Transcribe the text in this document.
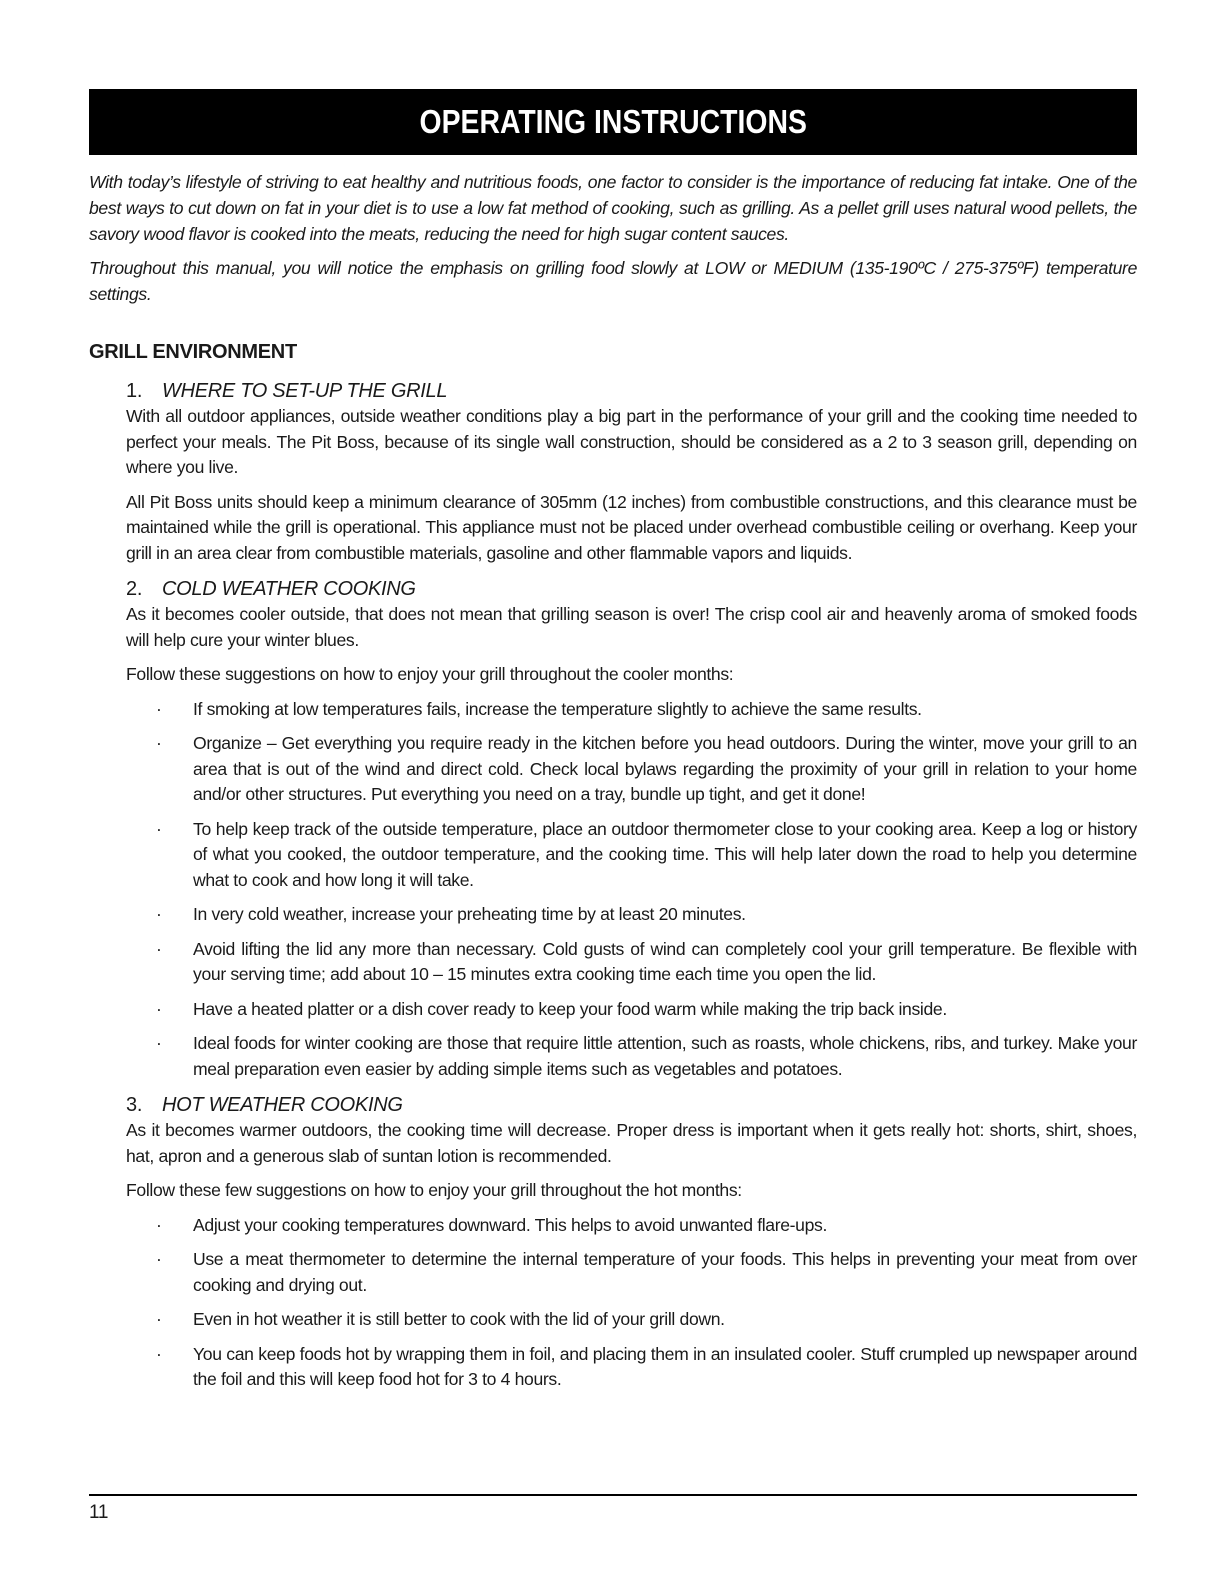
OPERATING INSTRUCTIONS

With today’s lifestyle of striving to eat healthy and nutritious foods, one factor to consider is the importance of reducing fat intake. One of the best ways to cut down on fat in your diet is to use a low fat method of cooking, such as grilling. As a pellet grill uses natural wood pellets, the savory wood flavor is cooked into the meats, reducing the need for high sugar content sauces.

Throughout this manual, you will notice the emphasis on grilling food slowly at LOW or MEDIUM (135-190ºC / 275-375ºF) temperature settings.

GRILL ENVIRONMENT
1. WHERE TO SET-UP THE GRILL

With all outdoor appliances, outside weather conditions play a big part in the performance of your grill and the cooking time needed to perfect your meals. The Pit Boss, because of its single wall construction, should be considered as a 2 to 3 season grill, depending on where you live.

All Pit Boss units should keep a minimum clearance of 305mm (12 inches) from combustible constructions, and this clearance must be maintained while the grill is operational. This appliance must not be placed under overhead combustible ceiling or overhang. Keep your grill in an area clear from combustible materials, gasoline and other flammable vapors and liquids.

2. COLD WEATHER COOKING

As it becomes cooler outside, that does not mean that grilling season is over! The crisp cool air and heavenly aroma of smoked foods will help cure your winter blues.

Follow these suggestions on how to enjoy your grill throughout the cooler months:

· If smoking at low temperatures fails, increase the temperature slightly to achieve the same results.
· Organize – Get everything you require ready in the kitchen before you head outdoors. During the winter, move your grill to an area that is out of the wind and direct cold. Check local bylaws regarding the proximity of your grill in relation to your home and/or other structures. Put everything you need on a tray, bundle up tight, and get it done!
· To help keep track of the outside temperature, place an outdoor thermometer close to your cooking area. Keep a log or history of what you cooked, the outdoor temperature, and the cooking time. This will help later down the road to help you determine what to cook and how long it will take.
· In very cold weather, increase your preheating time by at least 20 minutes.
· Avoid lifting the lid any more than necessary. Cold gusts of wind can completely cool your grill temperature. Be flexible with your serving time; add about 10 – 15 minutes extra cooking time each time you open the lid.
· Have a heated platter or a dish cover ready to keep your food warm while making the trip back inside.
· Ideal foods for winter cooking are those that require little attention, such as roasts, whole chickens, ribs, and turkey. Make your meal preparation even easier by adding simple items such as vegetables and potatoes.
3. HOT WEATHER COOKING

As it becomes warmer outdoors, the cooking time will decrease. Proper dress is important when it gets really hot: shorts, shirt, shoes, hat, apron and a generous slab of suntan lotion is recommended.

Follow these few suggestions on how to enjoy your grill throughout the hot months:

· Adjust your cooking temperatures downward. This helps to avoid unwanted flare-ups.
· Use a meat thermometer to determine the internal temperature of your foods. This helps in preventing your meat from over cooking and drying out.
· Even in hot weather it is still better to cook with the lid of your grill down.
· You can keep foods hot by wrapping them in foil, and placing them in an insulated cooler. Stuff crumpled up newspaper around the foil and this will keep food hot for 3 to 4 hours.
11
